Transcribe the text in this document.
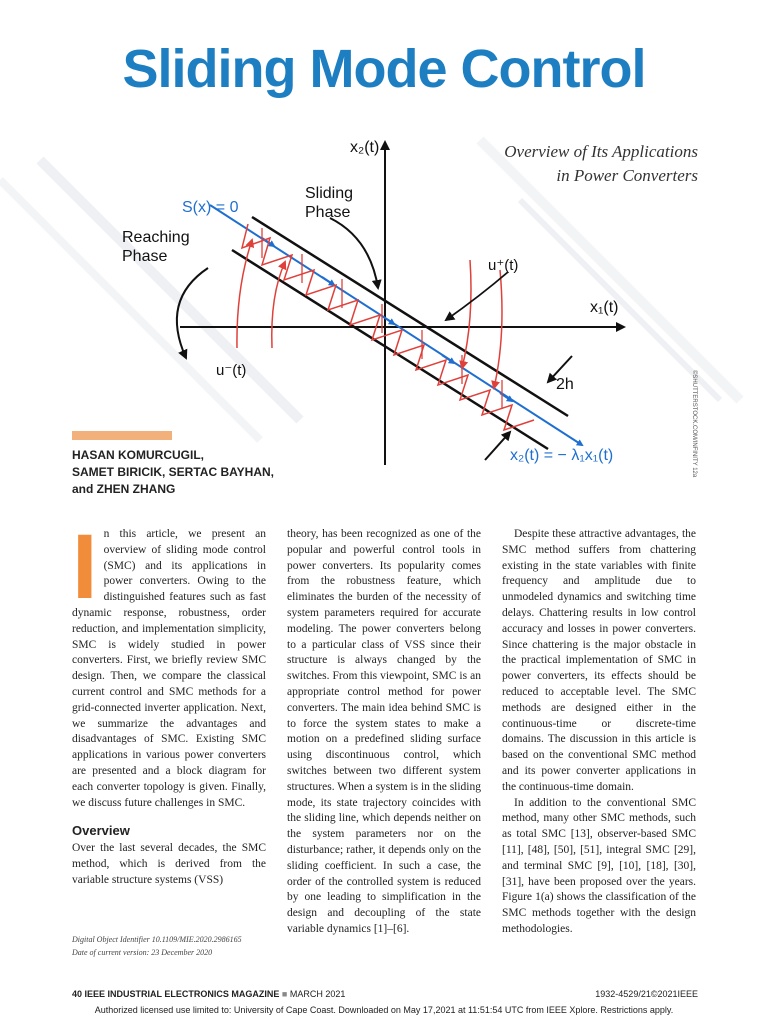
Sliding Mode Control
Overview of Its Applications
in Power Converters
x₂(t)
x₁(t)
S(x) = 0
Sliding
Phase
Reaching
Phase
u⁺(t)
u⁻(t)
2h
x₂(t) = − λ₁x₁(t)	©SHUTTERSTOCK.COM/INFINITY 12a
HASAN KOMURCUGIL,
SAMET BIRICIK, SERTAC BAYHAN,
and ZHEN ZHANG

In this article, we present an overview of sliding mode control (SMC) and its applications in power converters. Owing to the distinguished features such as fast dynamic response, robustness, order reduction, and implementation simplicity, SMC is widely studied in power converters. First, we briefly review SMC design. Then, we compare the classical current control and SMC methods for a grid-connected inverter application. Next, we summarize the advantages and disadvantages of SMC. Existing SMC applications in various power converters are presented and a block diagram for each converter topology is given. Finally, we discuss future challenges in SMC.

Overview

Over the last several decades, the SMC method, which is derived from the variable structure systems (VSS)

theory, has been recognized as one of the popular and powerful control tools in power converters. Its popularity comes from the robustness feature, which eliminates the burden of the necessity of system parameters required for accurate modeling. The power converters belong to a particular class of VSS since their structure is always changed by the switches. From this viewpoint, SMC is an appropriate control method for power converters. The main idea behind SMC is to force the system states to make a motion on a predefined sliding surface using discontinuous control, which switches between two different system structures. When a system is in the sliding mode, its state trajectory coincides with the sliding line, which depends neither on the system parameters nor on the disturbance; rather, it depends only on the sliding coefficient. In such a case, the order of the controlled system is reduced by one leading to simplification in the design and decoupling of the state variable dynamics [1]–[6].

Despite these attractive advantages, the SMC method suffers from chattering existing in the state variables with finite frequency and amplitude due to unmodeled dynamics and switching time delays. Chattering results in low control accuracy and losses in power converters. Since chattering is the major obstacle in the practical implementation of SMC in power converters, its effects should be reduced to acceptable level. The SMC methods are designed either in the continuous-time or discrete-time domains. The discussion in this article is based on the conventional SMC method and its power converter applications in the continuous-time domain.

In addition to the conventional SMC method, many other SMC methods, such as total SMC [13], observer-based SMC [11], [48], [50], [51], integral SMC [29], and terminal SMC [9], [10], [18], [30], [31], have been proposed over the years. Figure 1(a) shows the classification of the SMC methods together with the design methodologies.

Digital Object Identifier 10.1109/MIE.2020.2986165
Date of current version: 23 December 2020
40 IEEE INDUSTRIAL ELECTRONICS MAGAZINE ■ MARCH 2021	1932-4529/21©2021IEEE
Authorized licensed use limited to: University of Cape Coast. Downloaded on May 17,2021 at 11:51:54 UTC from IEEE Xplore. Restrictions apply.
